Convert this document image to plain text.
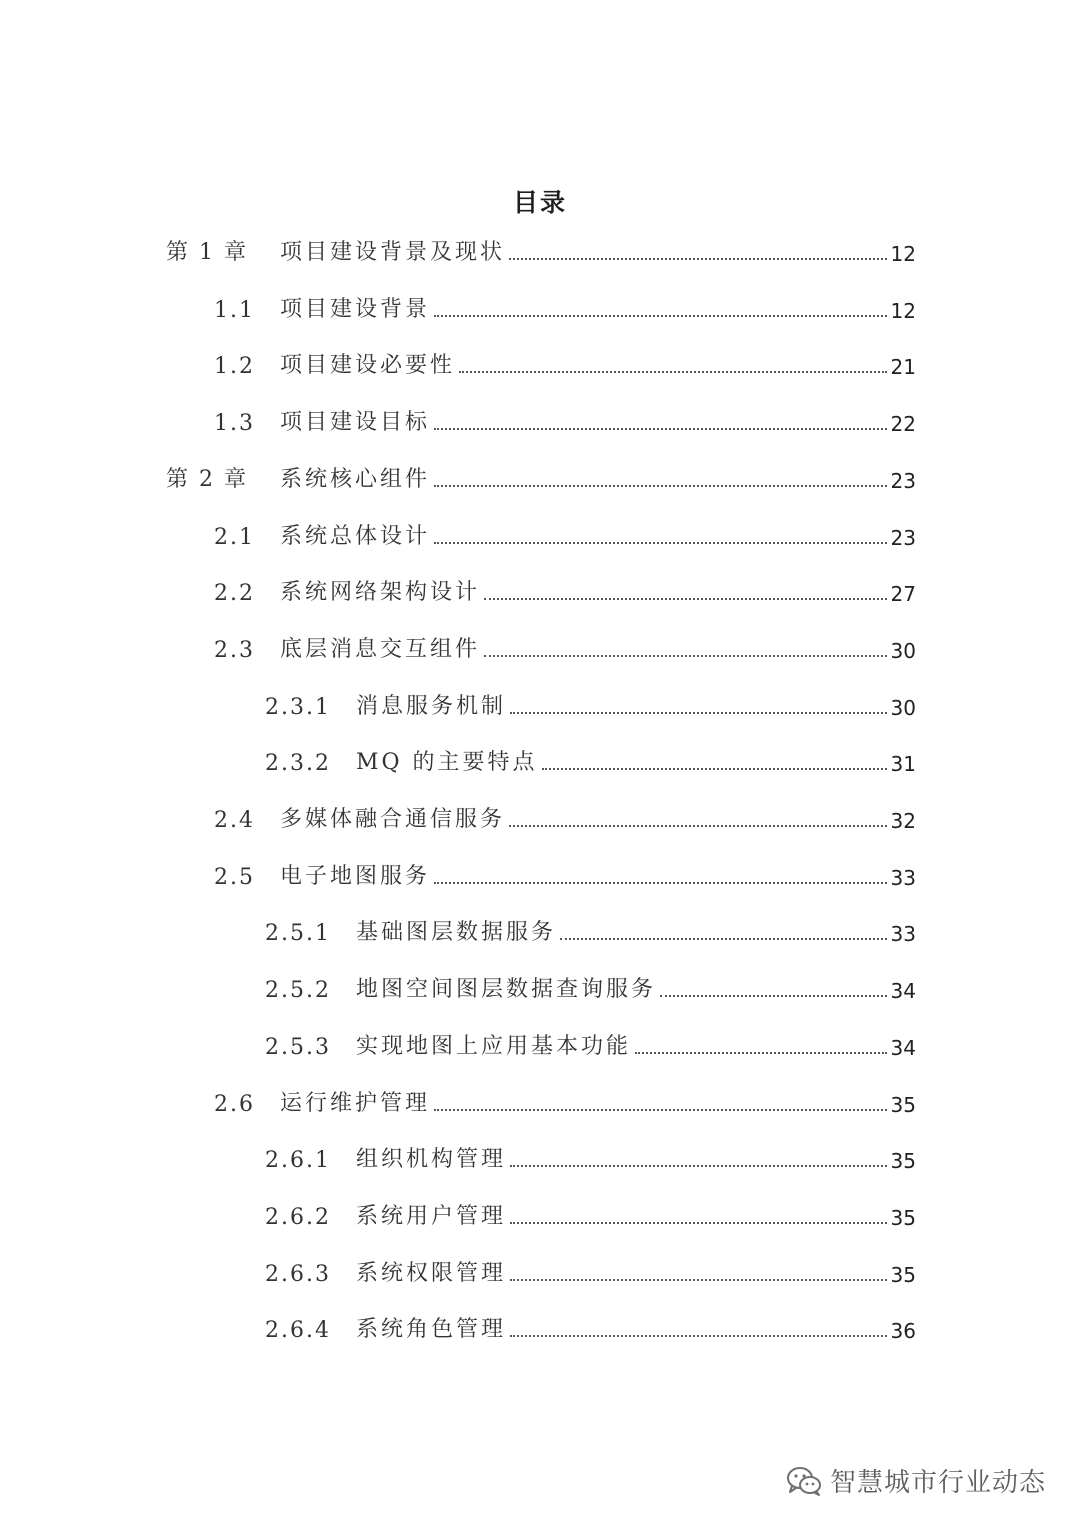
目录
第 1 章 项目建设背景及现状	12
1.1 项目建设背景	12
1.2 项目建设必要性	21
1.3 项目建设目标	22
第 2 章 系统核心组件	23
2.1 系统总体设计	23
2.2 系统网络架构设计	27
2.3 底层消息交互组件	30
2.3.1 消息服务机制	30
2.3.2 MQ 的主要特点	31
2.4 多媒体融合通信服务	32
2.5 电子地图服务	33
2.5.1 基础图层数据服务	33
2.5.2 地图空间图层数据查询服务	34
2.5.3 实现地图上应用基本功能	34
2.6 运行维护管理	35
2.6.1 组织机构管理	35
2.6.2 系统用户管理	35
2.6.3 系统权限管理	35
2.6.4 系统角色管理	36
智慧城市行业动态
